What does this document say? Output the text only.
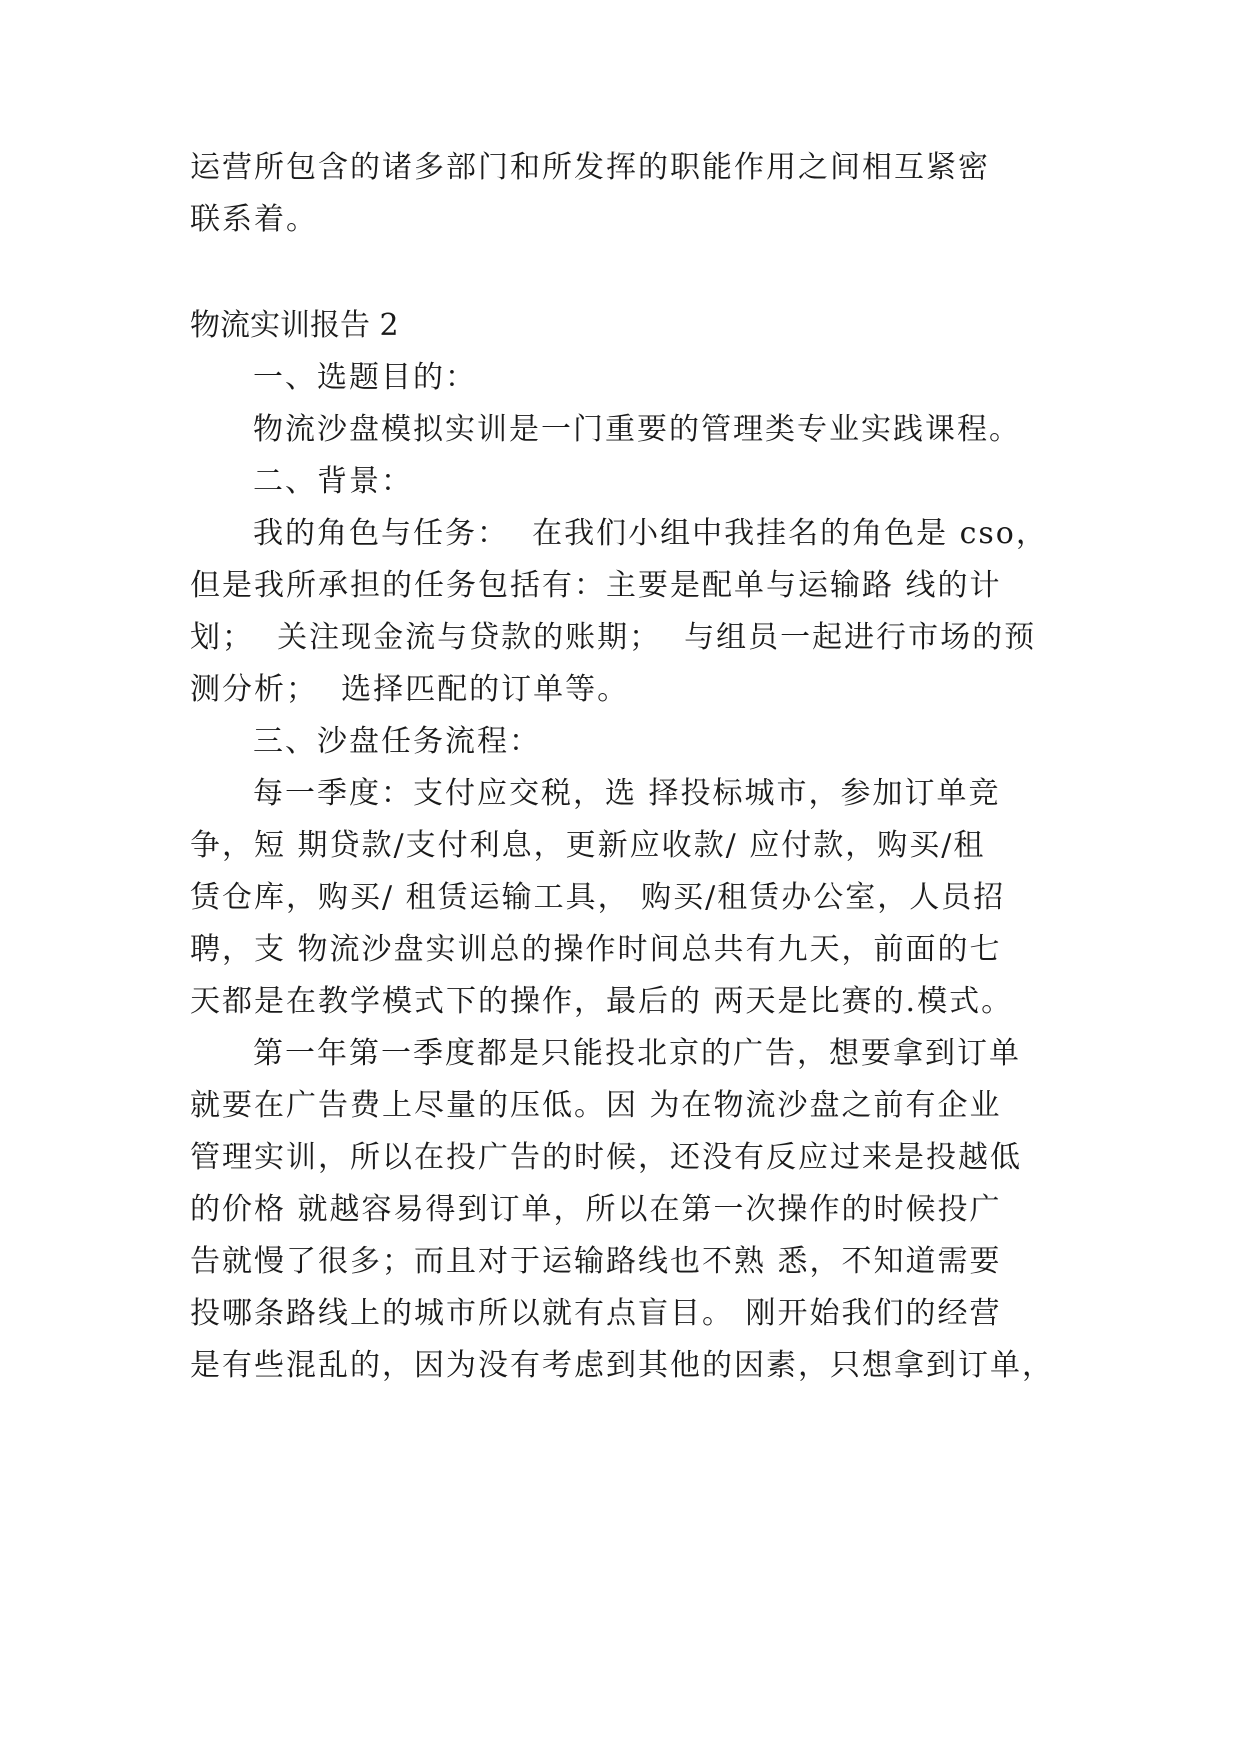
运营所包含的诸多部门和所发挥的职能作用之间相互紧密
联系着。
物流实训报告 2
一、选题目的：
物流沙盘模拟实训是一门重要的管理类专业实践课程。
二、背景：
我的角色与任务：  在我们小组中我挂名的角色是 cso，
但是我所承担的任务包括有：主要是配单与运输路 线的计
划；  关注现金流与贷款的账期；  与组员一起进行市场的预
测分析；  选择匹配的订单等。
三、沙盘任务流程：
每一季度：支付应交税，选 择投标城市，参加订单竞
争，短 期贷款/支付利息，更新应收款/ 应付款，购买/租
赁仓库，购买/ 租赁运输工具， 购买/租赁办公室，人员招
聘，支 物流沙盘实训总的操作时间总共有九天，前面的七
天都是在教学模式下的操作，最后的 两天是比赛的.模式。
第一年第一季度都是只能投北京的广告，想要拿到订单
就要在广告费上尽量的压低。因 为在物流沙盘之前有企业
管理实训，所以在投广告的时候，还没有反应过来是投越低
的价格 就越容易得到订单，所以在第一次操作的时候投广
告就慢了很多；而且对于运输路线也不熟 悉，不知道需要
投哪条路线上的城市所以就有点盲目。 刚开始我们的经营
是有些混乱的，因为没有考虑到其他的因素，只想拿到订单，
